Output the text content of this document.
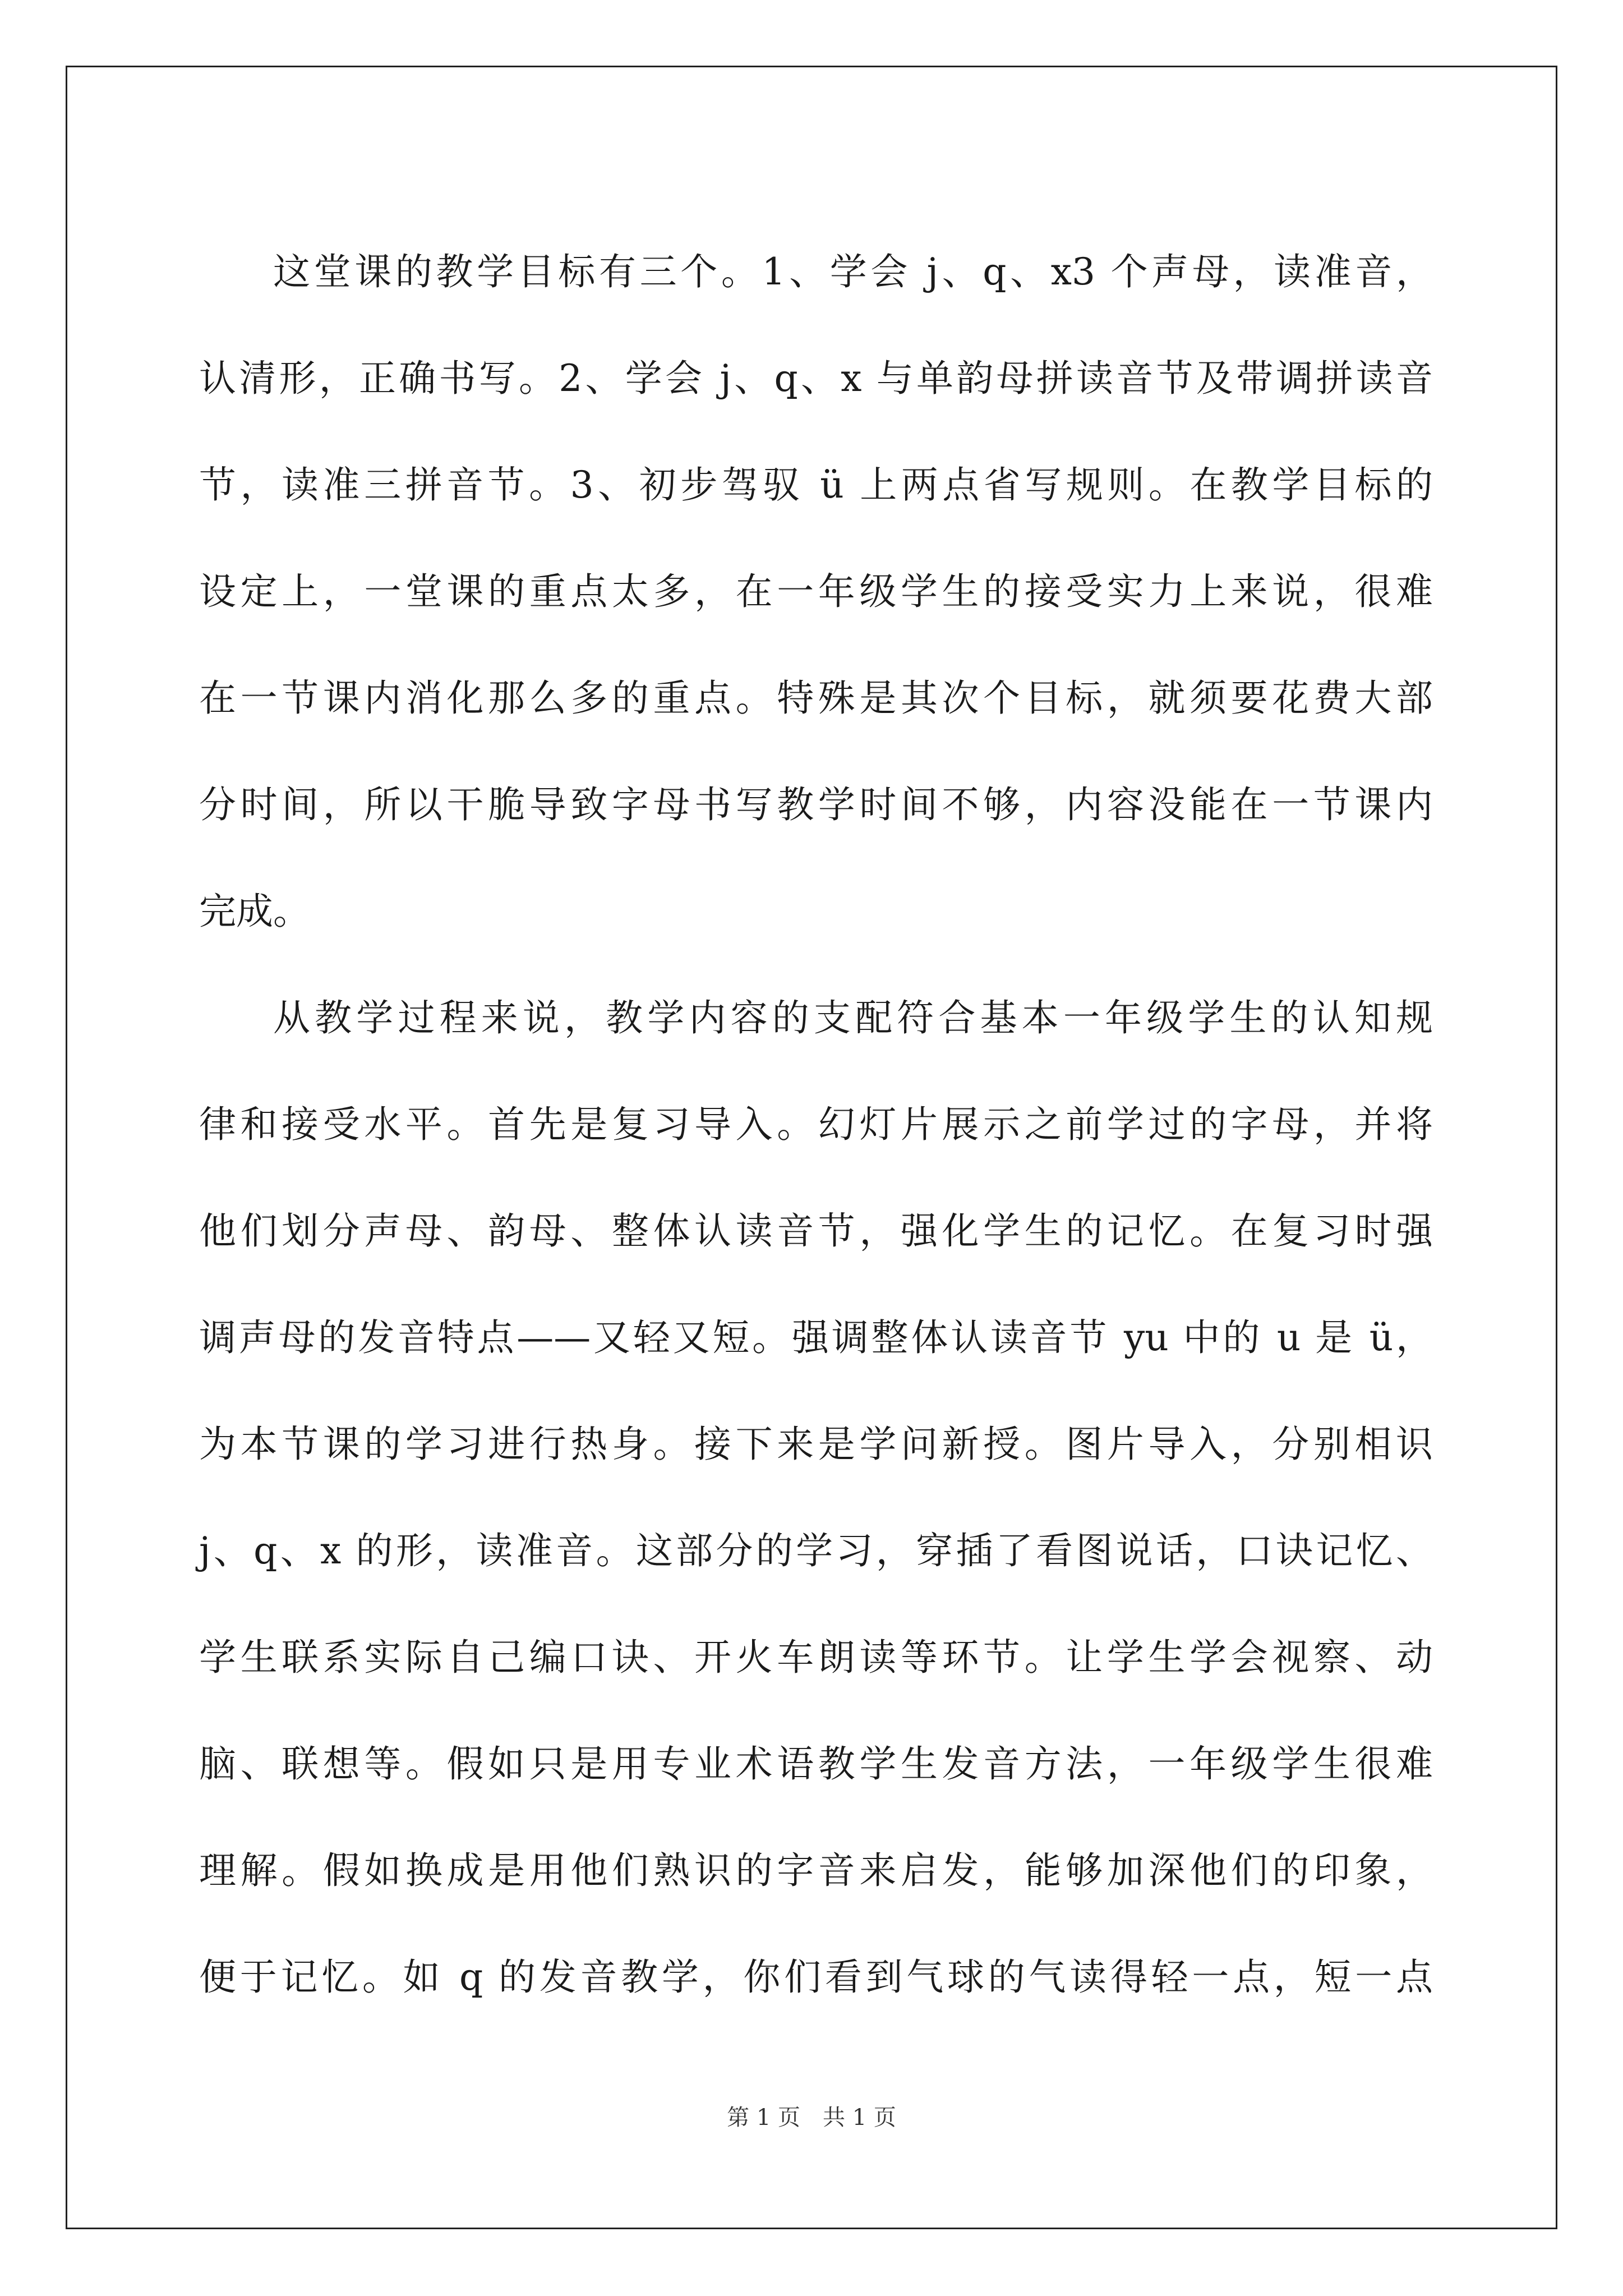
这堂课的教学目标有三个。1、学会 j、q、x3 个声母，读准音，
认清形，正确书写。2、学会 j、q、x 与单韵母拼读音节及带调拼读音
节，读准三拼音节。3、初步驾驭 ü 上两点省写规则。在教学目标的
设定上，一堂课的重点太多，在一年级学生的接受实力上来说，很难
在一节课内消化那么多的重点。特殊是其次个目标，就须要花费大部
分时间，所以干脆导致字母书写教学时间不够，内容没能在一节课内
完成。
从教学过程来说，教学内容的支配符合基本一年级学生的认知规
律和接受水平。首先是复习导入。幻灯片展示之前学过的字母，并将
他们划分声母、韵母、整体认读音节，强化学生的记忆。在复习时强
调声母的发音特点——又轻又短。强调整体认读音节 yu 中的 u 是 ü，
为本节课的学习进行热身。接下来是学问新授。图片导入，分别相识
j、q、x 的形，读准音。这部分的学习，穿插了看图说话，口诀记忆、
学生联系实际自己编口诀、开火车朗读等环节。让学生学会视察、动
脑、联想等。假如只是用专业术语教学生发音方法，一年级学生很难
理解。假如换成是用他们熟识的字音来启发，能够加深他们的印象，
便于记忆。如 q 的发音教学，你们看到气球的气读得轻一点，短一点
第 1 页　共 1 页
